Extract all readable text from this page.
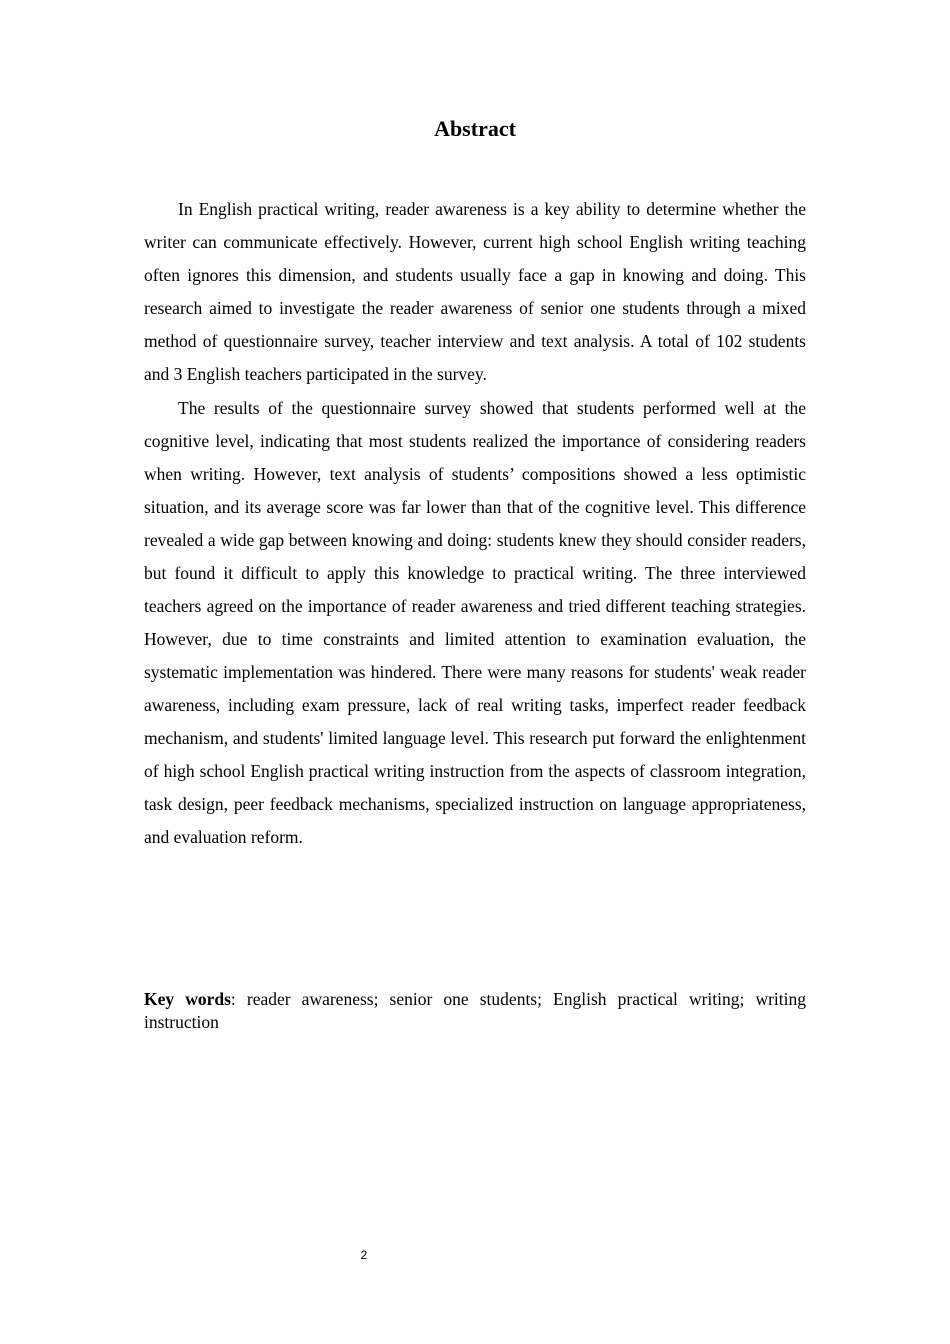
Abstract

In English practical writing, reader awareness is a key ability to determine whether the writer can communicate effectively. However, current high school English writing teaching often ignores this dimension, and students usually face a gap in knowing and doing. This research aimed to investigate the reader awareness of senior one students through a mixed method of questionnaire survey, teacher interview and text analysis. A total of 102 students and 3 English teachers participated in the survey.

The results of the questionnaire survey showed that students performed well at the cognitive level, indicating that most students realized the importance of considering readers when writing. However, text analysis of students’ compositions showed a less optimistic situation, and its average score was far lower than that of the cognitive level. This difference revealed a wide gap between knowing and doing: students knew they should consider readers, but found it difficult to apply this knowledge to practical writing. The three interviewed teachers agreed on the importance of reader awareness and tried different teaching strategies. However, due to time constraints and limited attention to examination evaluation, the systematic implementation was hindered. There were many reasons for students' weak reader awareness, including exam pressure, lack of real writing tasks, imperfect reader feedback mechanism, and students' limited language level. This research put forward the enlightenment of high school English practical writing instruction from the aspects of classroom integration, task design, peer feedback mechanisms, specialized instruction on language appropriateness, and evaluation reform.

Key words: reader awareness; senior one students; English practical writing; writing instruction
2
